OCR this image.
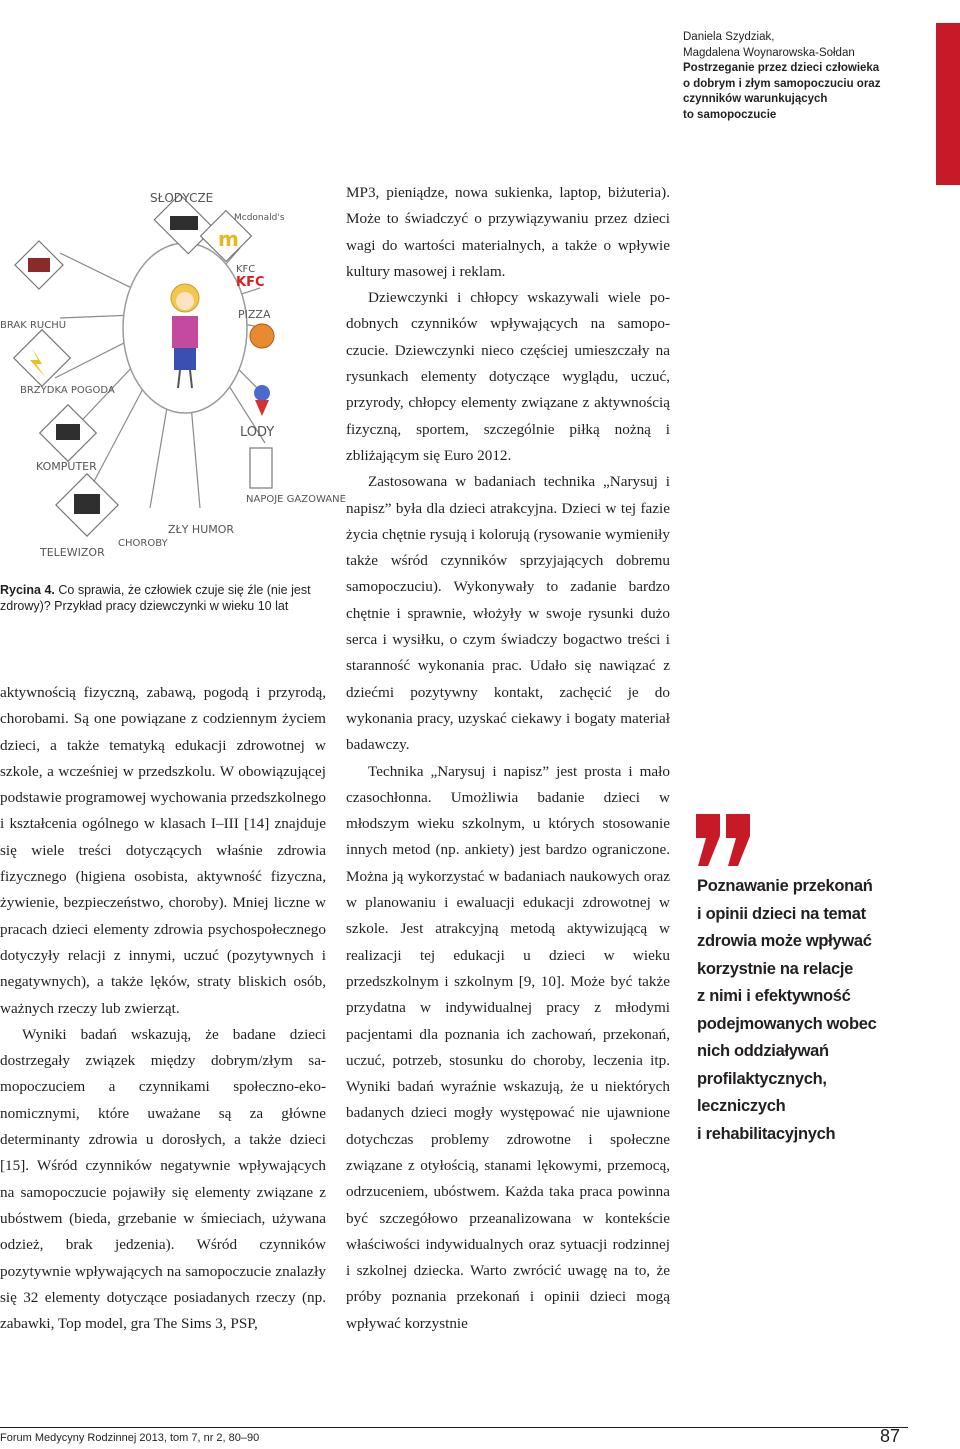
Daniela Szydziak,
Magdalena Woynarowska-Sołdan
Postrzeganie przez dzieci człowieka
o dobrym i złym samopoczuciu oraz
czynników warunkujących
to samopoczucie
SŁODYCZE
m
Mcdonald's
KFC
KFC
PIZZA
LODY
NAPOJE GAZOWANE
BRAK RUCHU
BRZYDKA POGODA
KOMPUTER
TELEWIZOR
CHOROBY
ZŁY HUMOR
Rycina 4. Co sprawia, że człowiek czuje się źle (nie jest zdrowy)? Przykład pracy dziewczynki w wieku 10 lat

aktywnością fizyczną, zabawą, pogodą i przyrodą, chorobami. Są one powiązane z codziennym życiem dzieci, a także tematyką edukacji zdrowotnej w szkole, a wcześniej w przedszkolu. W obowiązującej podstawie programowej wychowania przedszkolnego i kształcenia ogólnego w klasach I–III [14] znajduje się wiele treści dotyczących właśnie zdrowia fizycznego (higiena osobista, aktywność fizyczna, żywienie, bezpieczeństwo, choroby). Mniej liczne w pracach dzieci elementy zdrowia psychospołecznego dotyczyły relacji z innymi, uczuć (pozytywnych i negatywnych), a także lęków, straty bliskich osób, ważnych rzeczy lub zwierząt.

Wyniki badań wskazują, że badane dzieci dostrzegały związek między dobrym/złym samopoczuciem a czynnikami społeczno-ekonomicznymi, które uważane są za główne determinanty zdrowia u dorosłych, a także dzieci [15]. Wśród czynników negatywnie wpływających na samopoczucie pojawiły się elementy związane z ubóstwem (bieda, grzebanie w śmieciach, używana odzież, brak jedzenia). Wśród czynników pozytywnie wpływających na samopoczucie znalazły się 32 elementy dotyczące posiadanych rzeczy (np. zabawki, Top model, gra The Sims 3, PSP,

MP3, pieniądze, nowa sukienka, laptop, biżuteria). Może to świadczyć o przywiązywaniu przez dzieci wagi do wartości materialnych, a także o wpływie kultury masowej i reklam.

Dziewczynki i chłopcy wskazywali wiele podobnych czynników wpływających na samopoczucie. Dziewczynki nieco częściej umieszczały na rysunkach elementy dotyczące wyglądu, uczuć, przyrody, chłopcy elementy związane z aktywnością fizyczną, sportem, szczególnie piłką nożną i zbliżającym się Euro 2012.

Zastosowana w badaniach technika „Narysuj i napisz” była dla dzieci atrakcyjna. Dzieci w tej fazie życia chętnie rysują i kolorują (rysowanie wymieniły także wśród czynników sprzyjających dobremu samopoczuciu). Wykonywały to zadanie bardzo chętnie i sprawnie, włożyły w swoje rysunki dużo serca i wysiłku, o czym świadczy bogactwo treści i staranność wykonania prac. Udało się nawiązać z dziećmi pozytywny kontakt, zachęcić je do wykonania pracy, uzyskać ciekawy i bogaty materiał badawczy.

Technika „Narysuj i napisz” jest prosta i mało czasochłonna. Umożliwia badanie dzieci w młodszym wieku szkolnym, u których stosowanie innych metod (np. ankiety) jest bardzo ograniczone. Można ją wykorzystać w badaniach naukowych oraz w planowaniu i ewaluacji edukacji zdrowotnej w szkole. Jest atrakcyjną metodą aktywizującą w realizacji tej edukacji u dzieci w wieku przedszkolnym i szkolnym [9, 10]. Może być także przydatna w indywidualnej pracy z młodymi pacjentami dla poznania ich zachowań, przekonań, uczuć, potrzeb, stosunku do choroby, leczenia itp. Wyniki badań wyraźnie wskazują, że u niektórych badanych dzieci mogły występować nie ujawnione dotychczas problemy zdrowotne i społeczne związane z otyłością, stanami lękowymi, przemocą, odrzuceniem, ubóstwem. Każda taka praca powinna być szczegółowo przeanalizowana w kontekście właściwości indywidualnych oraz sytuacji rodzinnej i szkolnej dziecka. Warto zwrócić uwagę na to, że próby poznania przekonań i opinii dzieci mogą wpływać korzystnie

Poznawanie przekonań
i opinii dzieci na temat
zdrowia może wpływać
korzystnie na relacje
z nimi i efektywność
podejmowanych wobec
nich oddziaływań
profilaktycznych,
leczniczych
i rehabilitacyjnych
Forum Medycyny Rodzinnej 2013, tom 7, nr 2, 80–90	87
